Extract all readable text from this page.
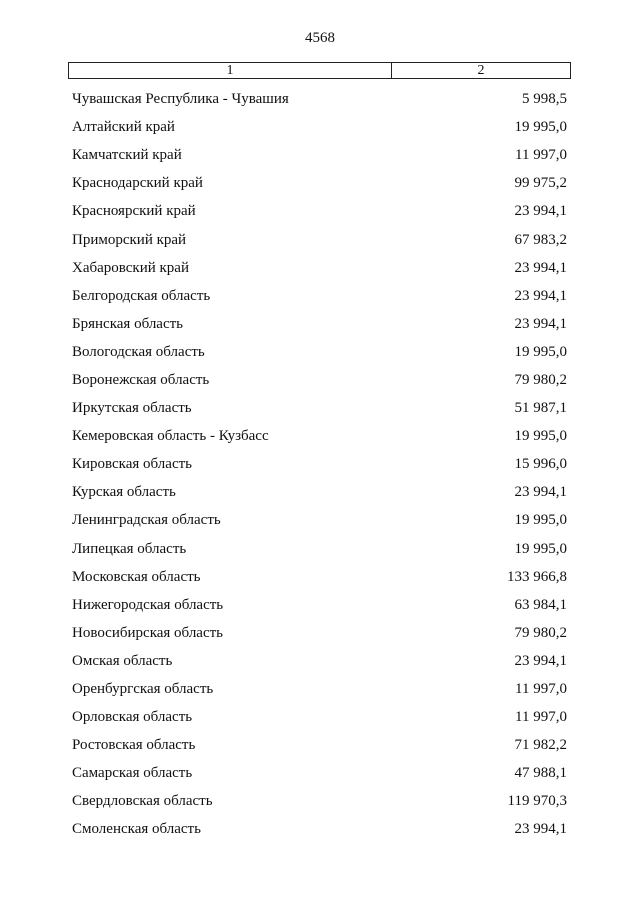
4568
1	2
Чувашская Республика - Чувашия	5 998,5
Алтайский край	19 995,0
Камчатский край	11 997,0
Краснодарский край	99 975,2
Красноярский край	23 994,1
Приморский край	67 983,2
Хабаровский край	23 994,1
Белгородская область	23 994,1
Брянская область	23 994,1
Вологодская область	19 995,0
Воронежская область	79 980,2
Иркутская область	51 987,1
Кемеровская область - Кузбасс	19 995,0
Кировская область	15 996,0
Курская область	23 994,1
Ленинградская область	19 995,0
Липецкая область	19 995,0
Московская область	133 966,8
Нижегородская область	63 984,1
Новосибирская область	79 980,2
Омская область	23 994,1
Оренбургская область	11 997,0
Орловская область	11 997,0
Ростовская область	71 982,2
Самарская область	47 988,1
Свердловская область	119 970,3
Смоленская область	23 994,1
